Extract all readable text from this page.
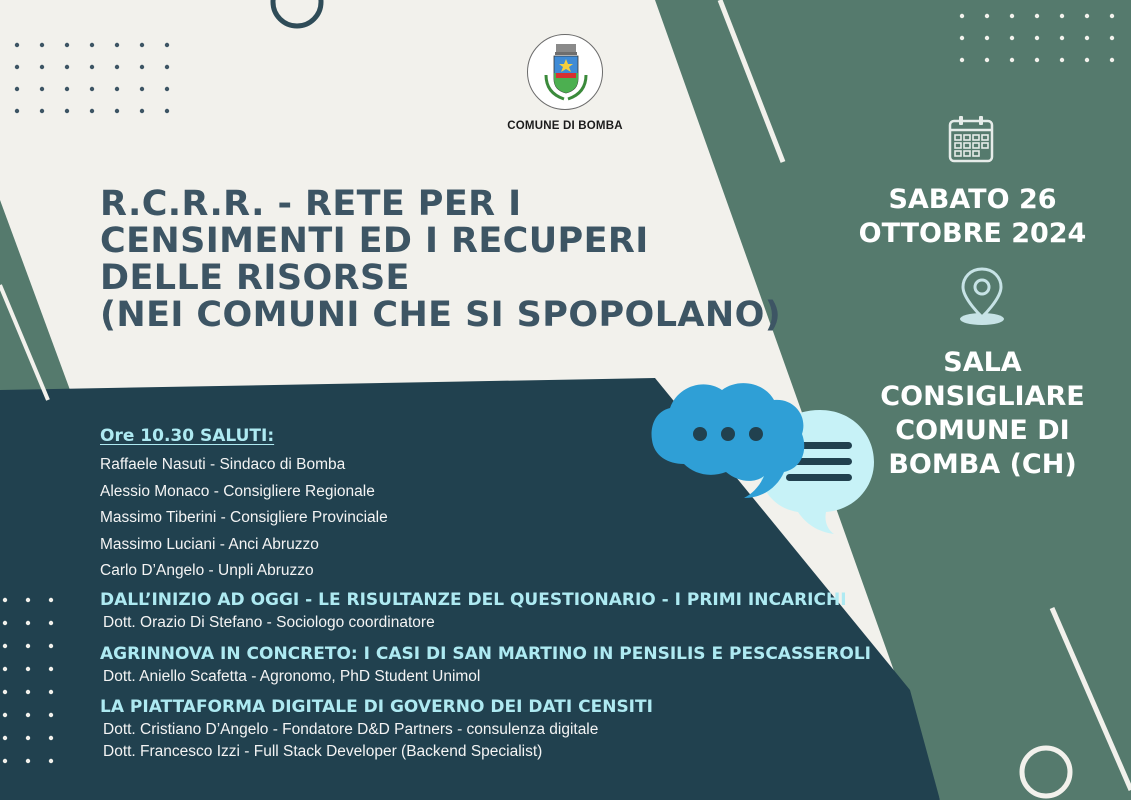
COMUNE DI BOMBA
R.C.R.R. - RETE PER I
CENSIMENTI ED I RECUPERI
DELLE RISORSE
(NEI COMUNI CHE SI SPOPOLANO)
SABATO 26
OTTOBRE 2024
SALA
CONSIGLIARE
COMUNE DI
BOMBA (CH)
Ore 10.30 SALUTI:
Raffaele Nasuti - Sindaco di Bomba
Alessio Monaco - Consigliere Regionale
Massimo Tiberini - Consigliere Provinciale
Massimo Luciani - Anci Abruzzo
Carlo D’Angelo - Unpli Abruzzo
DALL’INIZIO AD OGGI - LE RISULTANZE DEL QUESTIONARIO - I PRIMI INCARICHI
Dott. Orazio Di Stefano - Sociologo coordinatore
AGRINNOVA IN CONCRETO: I CASI DI SAN MARTINO IN PENSILIS E PESCASSEROLI
Dott. Aniello Scafetta - Agronomo, PhD Student Unimol
LA PIATTAFORMA DIGITALE DI GOVERNO DEI DATI CENSITI
Dott. Cristiano D’Angelo - Fondatore D&D Partners - consulenza digitale
Dott. Francesco Izzi - Full Stack Developer (Backend Specialist)
